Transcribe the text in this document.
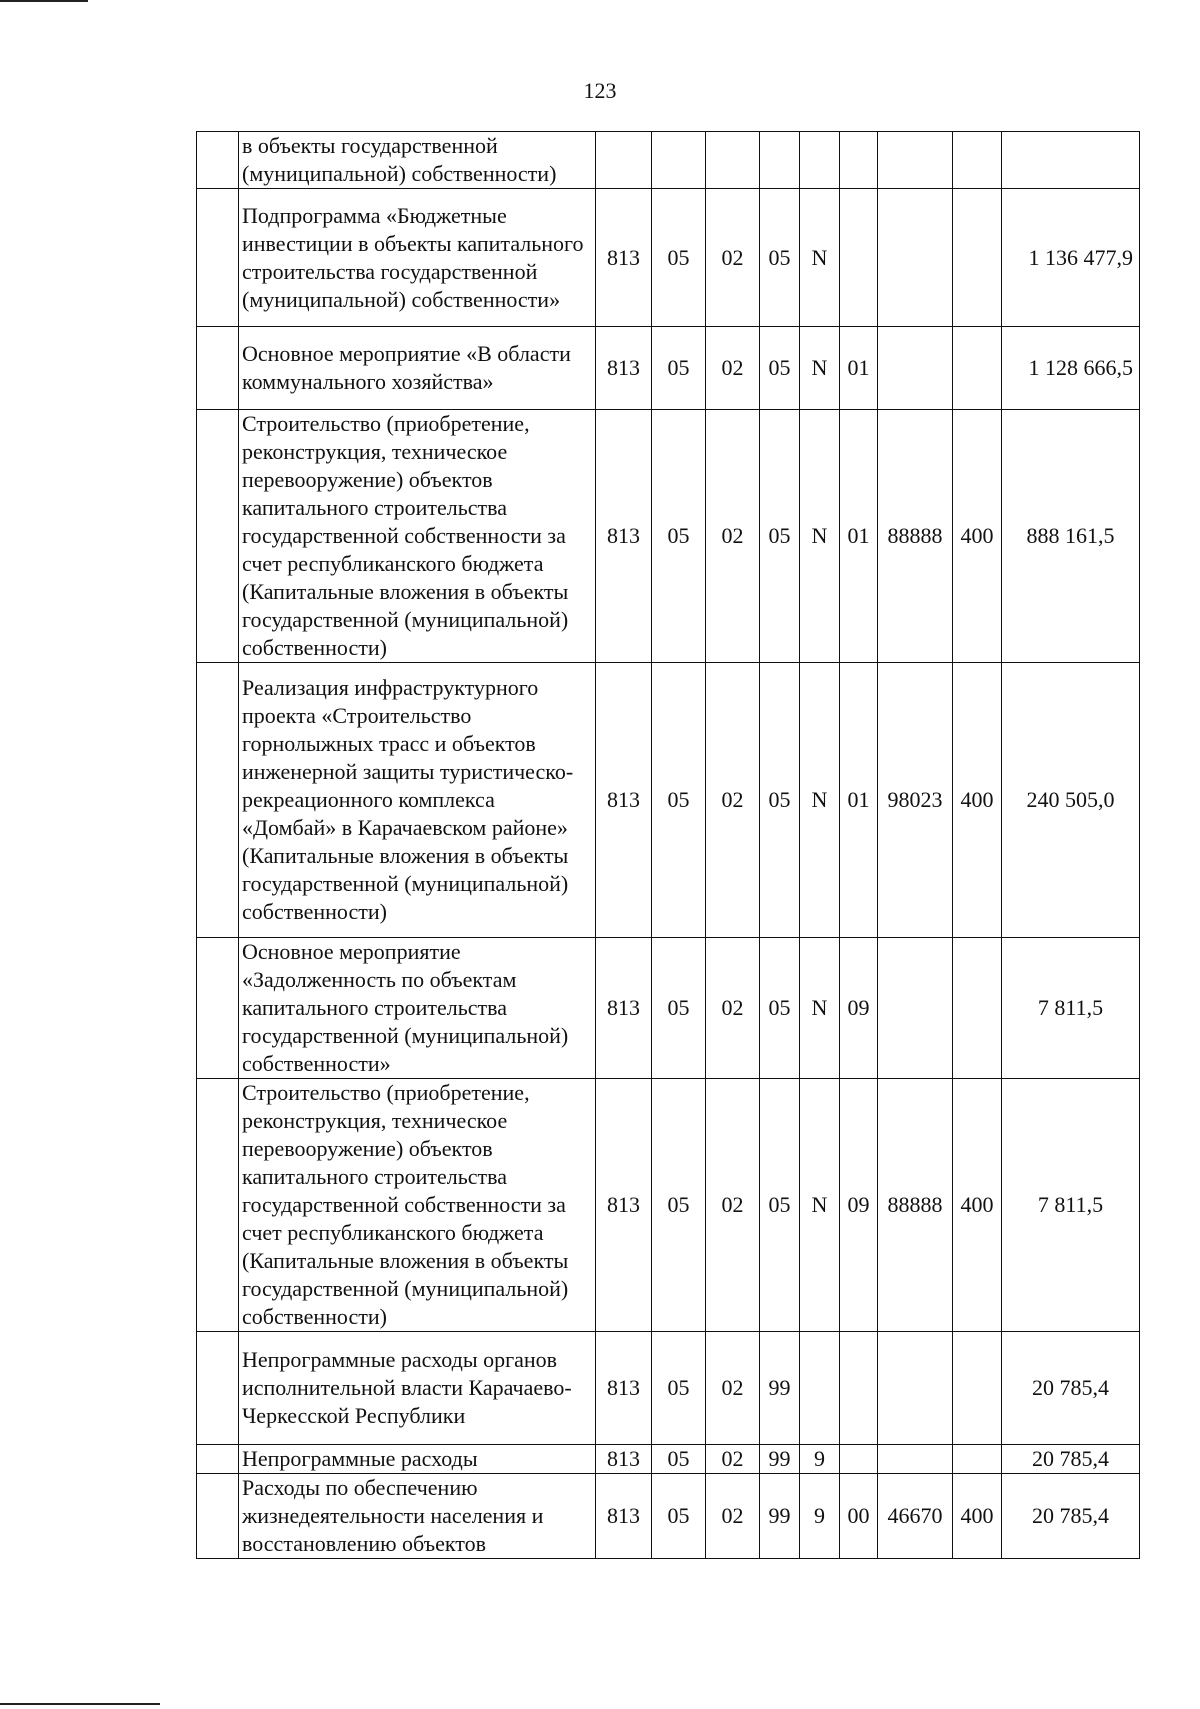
123
	в объекты государственной (муниципальной) собственности)									
	Подпрограмма «Бюджетные инвестиции в объекты капитального строительства государственной (муниципальной) собственности»	813	05	02	05	N				1 136 477,9
	Основное мероприятие «В области коммунального хозяйства»	813	05	02	05	N	01			1 128 666,5
	Строительство (приобретение, реконструкция, техническое перевооружение) объектов капитального строительства государственной собственности за счет республиканского бюджета (Капитальные вложения в объекты государственной (муниципальной) собственности)	813	05	02	05	N	01	88888	400	888 161,5
	Реализация инфраструктурного проекта «Строительство горнолыжных трасс и объектов инженерной защиты туристическо-рекреационного комплекса «Домбай» в Карачаевском районе» (Капитальные вложения в объекты государственной (муниципальной) собственности)	813	05	02	05	N	01	98023	400	240 505,0
	Основное мероприятие «Задолженность по объектам капитального строительства государственной (муниципальной) собственности»	813	05	02	05	N	09			7 811,5
	Строительство (приобретение, реконструкция, техническое перевооружение) объектов капитального строительства государственной собственности за счет республиканского бюджета (Капитальные вложения в объекты государственной (муниципальной) собственности)	813	05	02	05	N	09	88888	400	7 811,5
	Непрограммные расходы органов исполнительной власти Карачаево-Черкесской Республики	813	05	02	99					20 785,4
	Непрограммные расходы	813	05	02	99	9				20 785,4
	Расходы по обеспечению жизнедеятельности населения и восстановлению объектов	813	05	02	99	9	00	46670	400	20 785,4
